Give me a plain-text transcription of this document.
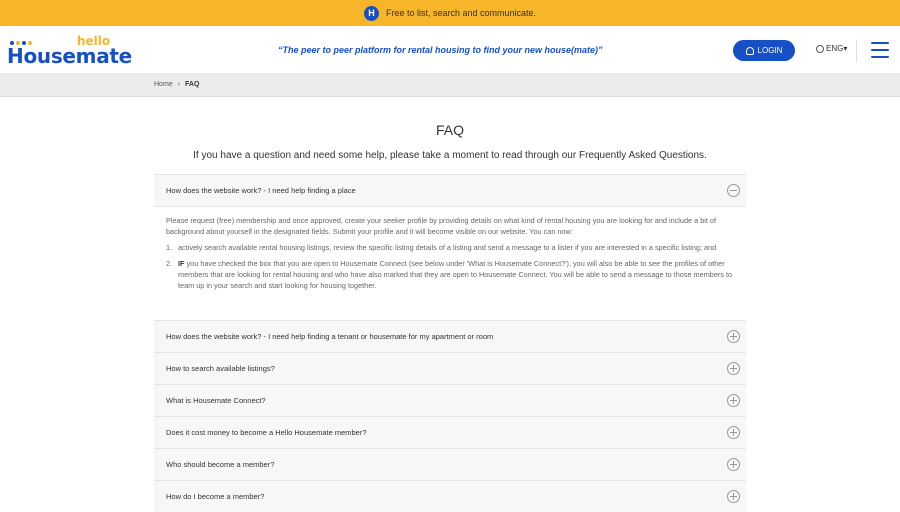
H	Free to list, search and communicate.
hello
Housemate	“The peer to peer platform for rental housing to find your new house(mate)”	LOGIN	ENG▾
Home › FAQ
FAQ
If you have a question and need some help, please take a moment to read through our Frequently Asked Questions.
How does the website work? - I need help finding a place

Please request (free) membership and once approved, create your seeker profile by providing details on what kind of rental housing you are looking for and include a bit of background about yourself in the designated fields. Submit your profile and it will become visible on our website. You can now:

1. actively search available rental housing listings, review the specific listing details of a listing and send a message to a lister if you are interested in a specific listing; and
2. IF you have checked the box that you are open to Housemate Connect (see below under 'What is Housemate Connect?'), you will also be able to see the profiles of other members that are looking for rental housing and who have also marked that they are open to Housemate Connect. You will be able to send a message to those members to team up in your search and start looking for housing together.
How does the website work? - I need help finding a tenant or housemate for my apartment or room
How to search available listings?
What is Housemate Connect?
Does it cost money to become a Hello Housemate member?
Who should become a member?
How do I become a member?
